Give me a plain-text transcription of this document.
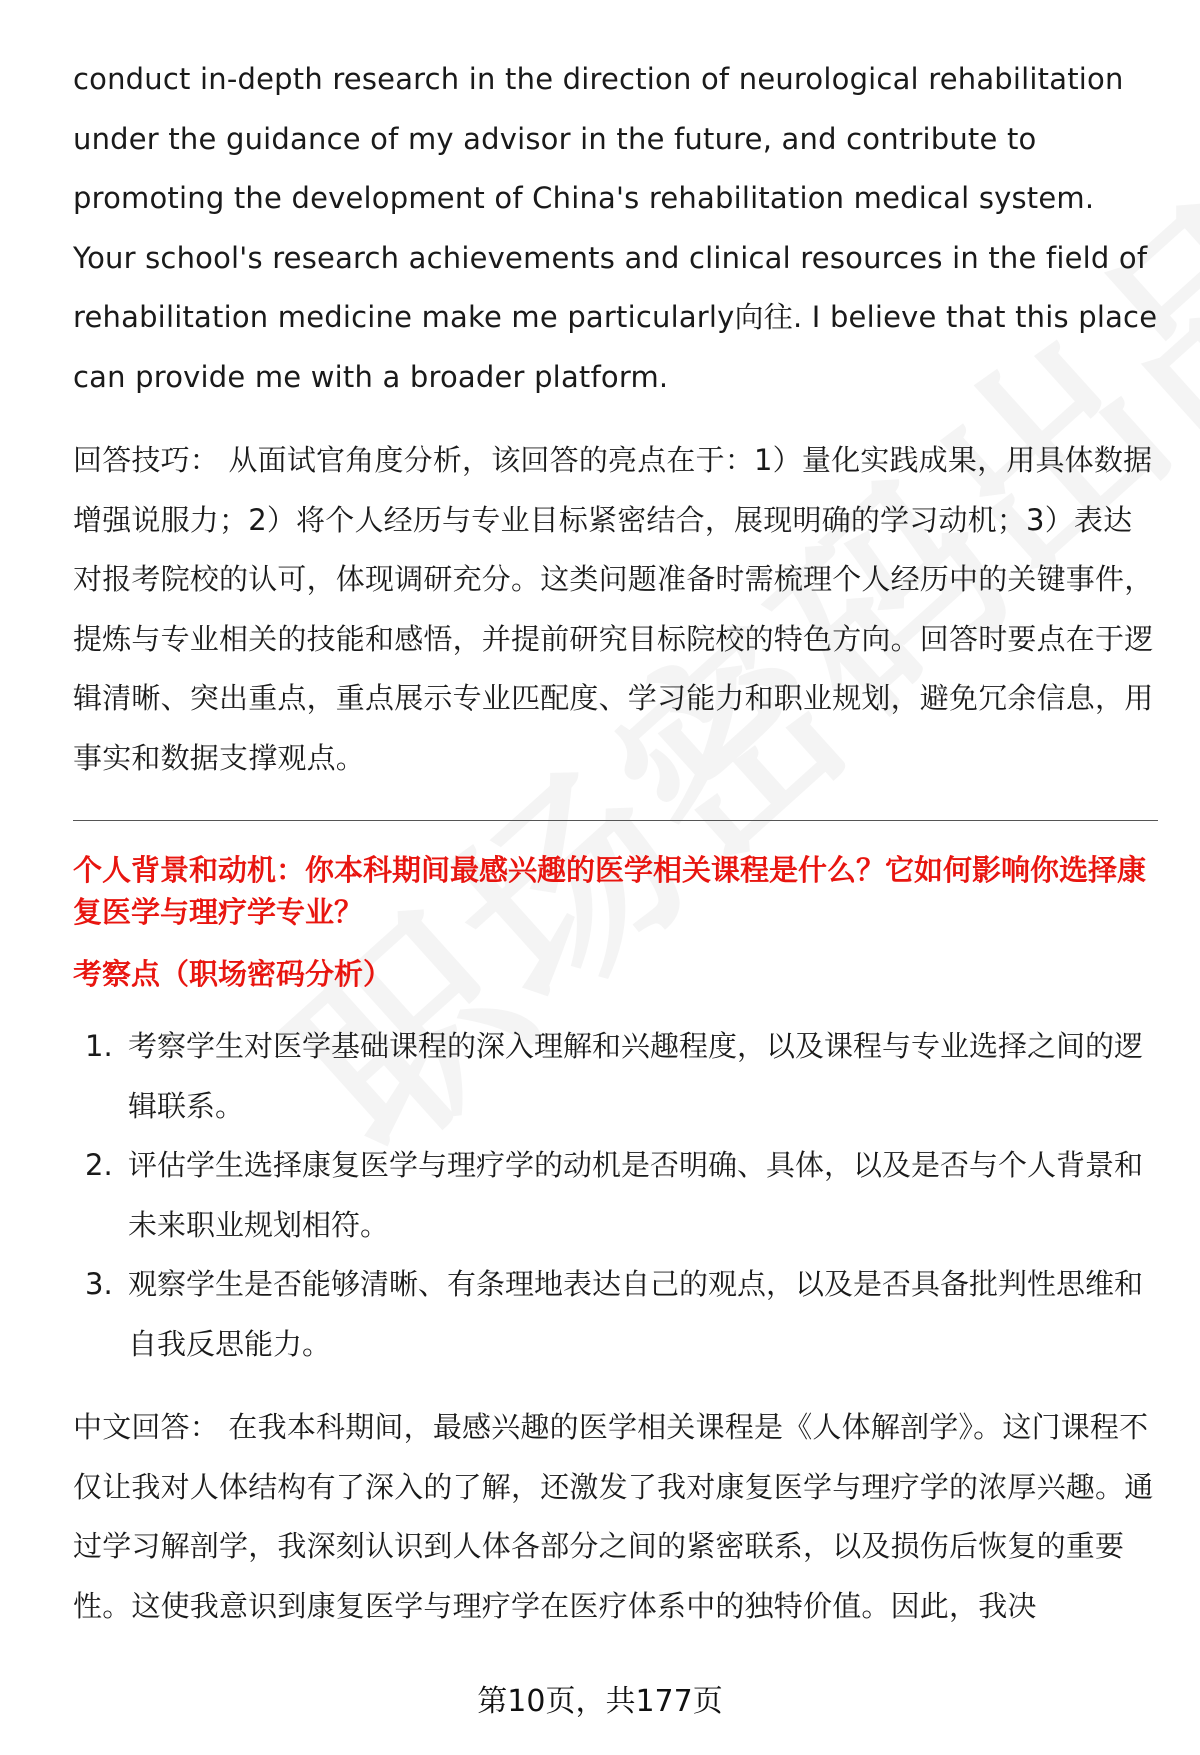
conduct in-depth research in the direction of neurological rehabilitation under the guidance of my advisor in the future, and contribute to promoting the development of China's rehabilitation medical system. Your school's research achievements and clinical resources in the field of rehabilitation medicine make me particularly向往. I believe that this place can provide me with a broader platform.

回答技巧： 从面试官角度分析，该回答的亮点在于：1）量化实践成果，用具体数据增强说服力；2）将个人经历与专业目标紧密结合，展现明确的学习动机；3）表达对报考院校的认可，体现调研充分。这类问题准备时需梳理个人经历中的关键事件，提炼与专业相关的技能和感悟，并提前研究目标院校的特色方向。回答时要点在于逻辑清晰、突出重点，重点展示专业匹配度、学习能力和职业规划，避免冗余信息，用事实和数据支撑观点。

个人背景和动机：你本科期间最感兴趣的医学相关课程是什么？它如何影响你选择康复医学与理疗学专业？
考察点（职场密码分析）
1. 考察学生对医学基础课程的深入理解和兴趣程度，以及课程与专业选择之间的逻辑联系。
2. 评估学生选择康复医学与理疗学的动机是否明确、具体，以及是否与个人背景和未来职业规划相符。
3. 观察学生是否能够清晰、有条理地表达自己的观点，以及是否具备批判性思维和自我反思能力。

中文回答： 在我本科期间，最感兴趣的医学相关课程是《人体解剖学》。这门课程不仅让我对人体结构有了深入的了解，还激发了我对康复医学与理疗学的浓厚兴趣。通过学习解剖学，我深刻认识到人体各部分之间的紧密联系，以及损伤后恢复的重要性。这使我意识到康复医学与理疗学在医疗体系中的独特价值。因此，我决

第10页，共177页
